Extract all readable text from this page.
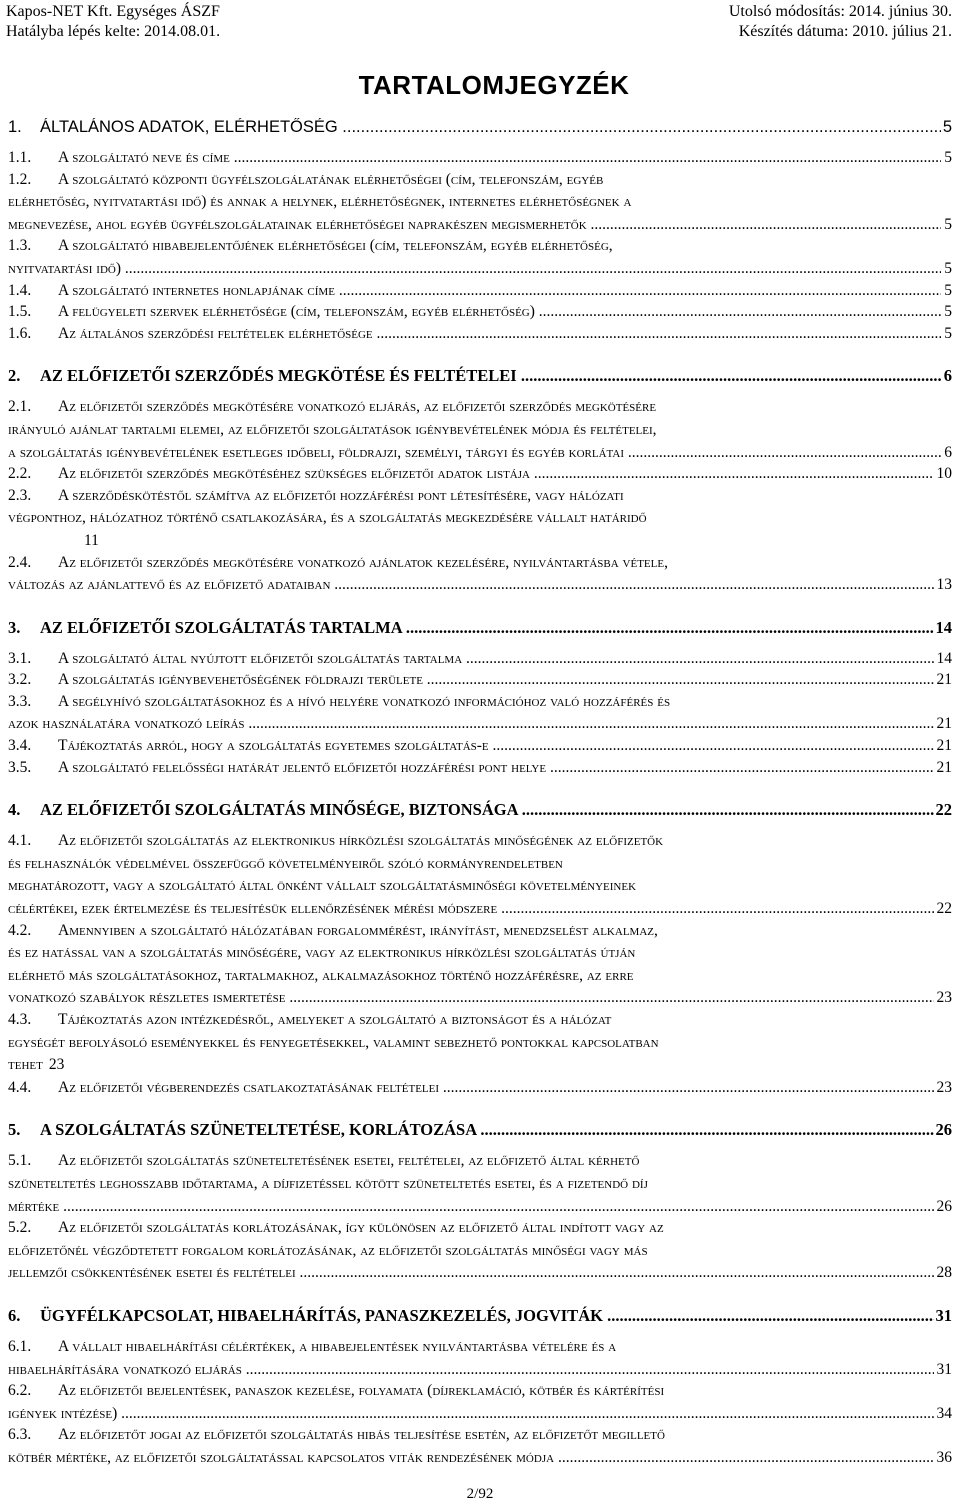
Kapos-NET Kft. Egységes ÁSZF
Hatályba lépés kelte: 2014.08.01.
Utolsó módosítás: 2014. június 30.
Készítés dátuma: 2010. július 21.
TARTALOMJEGYZÉK
1.	ÁLTALÁNOS ADATOK, ELÉRHETŐSÉG .....	5
1.1. A szolgáltató neve és címe .....	5
1.2. A szolgáltató központi ügyfélszolgálatának elérhetőségei (cím, telefonszám, egyéb
elérhetőség, nyitvatartási idő) és annak a helynek, elérhetőségnek, internetes elérhetőségnek a
megnevezése, ahol egyéb ügyfélszolgálatainak elérhetőségei naprakészen megismerhetők .....	5
1.3. A szolgáltató hibabejelentőjének elérhetőségei (cím, telefonszám, egyéb elérhetőség,
nyitvatartási idő) .....	5
1.4. A szolgáltató internetes honlapjának címe .....	5
1.5. A felügyeleti szervek elérhetősége (cím, telefonszám, egyéb elérhetőség) .....	5
1.6. Az általános szerződési feltételek elérhetősége .....	5
2.	AZ ELŐFIZETŐI SZERZŐDÉS MEGKÖTÉSE ÉS FELTÉTELEI .....	6
2.1. Az előfizetői szerződés megkötésére vonatkozó eljárás, az előfizetői szerződés megkötésére
irányuló ajánlat tartalmi elemei, az előfizetői szolgáltatások igénybevételének módja és feltételei,
a szolgáltatás igénybevételének esetleges időbeli, földrajzi, személyi, tárgyi és egyéb korlátai .....	6
2.2. Az előfizetői szerződés megkötéséhez szükséges előfizetői adatok listája .....	10
2.3. A szerződéskötéstől számítva az előfizetői hozzáférési pont létesítésére, vagy hálózati
végponthoz, hálózathoz történő csatlakozására, és a szolgáltatás megkezdésére vállalt határidő
11
2.4. Az előfizetői szerződés megkötésére vonatkozó ajánlatok kezelésére, nyilvántartásba vétele,
változás az ajánlattevő és az előfizető adataiban .....	13
3.	AZ ELŐFIZETŐI SZOLGÁLTATÁS TARTALMA .....	14
3.1. A szolgáltató által nyújtott előfizetői szolgáltatás tartalma .....	14
3.2. A szolgáltatás igénybevehetőségének földrajzi területe .....	21
3.3. A segélyhívó szolgáltatásokhoz és a hívó helyére vonatkozó információhoz való hozzáférés és
azok használatára vonatkozó leírás .....	21
3.4. Tájékoztatás arról, hogy a szolgáltatás egyetemes szolgáltatás-e .....	21
3.5. A szolgáltató felelősségi határát jelentő előfizetői hozzáférési pont helye .....	21
4.	AZ ELŐFIZETŐI SZOLGÁLTATÁS MINŐSÉGE, BIZTONSÁGA .....	22
4.1. Az előfizetői szolgáltatás az elektronikus hírközlési szolgáltatás minőségének az előfizetők
és felhasználók védelmével összefüggő követelményeiről szóló kormányrendeletben
meghatározott, vagy a szolgáltató által önként vállalt szolgáltatásminőségi követelményeinek
célértékei, ezek értelmezése és teljesítésük ellenőrzésének mérési módszere .....	22
4.2. Amennyiben a szolgáltató hálózatában forgalommérést, irányítást, menedzselést alkalmaz,
és ez hatással van a szolgáltatás minőségére, vagy az elektronikus hírközlési szolgáltatás útján
elérhető más szolgáltatásokhoz, tartalmakhoz, alkalmazásokhoz történő hozzáférésre, az erre
vonatkozó szabályok részletes ismertetése .....	23
4.3. Tájékoztatás azon intézkedésről, amelyeket a szolgáltató a biztonságot és a hálózat
egységét befolyásoló eseményekkel és fenyegetésekkel, valamint sebezhető pontokkal kapcsolatban
tehet 23
4.4. Az előfizetői végberendezés csatlakoztatásának feltételei .....	23
5.	A SZOLGÁLTATÁS SZÜNETELTETÉSE, KORLÁTOZÁSA .....	26
5.1. Az előfizetői szolgáltatás szüneteltetésének esetei, feltételei, az előfizető által kérhető
szüneteltetés leghosszabb időtartama, a díjfizetéssel kötött szüneteltetés esetei, és a fizetendő díj
mértéke .....	26
5.2. Az előfizetői szolgáltatás korlátozásának, így különösen az előfizető által indított vagy az
előfizetőnél végződtetett forgalom korlátozásának, az előfizetői szolgáltatás minőségi vagy más
jellemzői csökkentésének esetei és feltételei .....	28
6.	ÜGYFÉLKAPCSOLAT, HIBAELHÁRÍTÁS, PANASZKEZELÉS, JOGVITÁK .....	31
6.1. A vállalt hibaelhárítási célértékek, a hibabejelentések nyilvántartásba vételére és a
hibaelhárítására vonatkozó eljárás .....	31
6.2. Az előfizetői bejelentések, panaszok kezelése, folyamata (díjreklamáció, kötbér és kártérítési
igények intézése) .....	34
6.3. Az előfizetőt jogai az előfizetői szolgáltatás hibás teljesítése esetén, az előfizetőt megillető
kötbér mértéke, az előfizetői szolgáltatással kapcsolatos viták rendezésének módja .....	36
2/92
